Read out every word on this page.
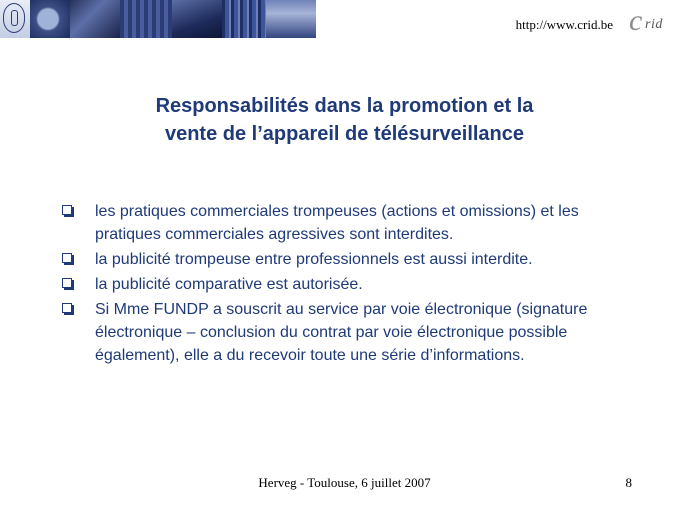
http://www.crid.be c rid
Responsabilités dans la promotion et la
vente de l’appareil de télésurveillance
les pratiques commerciales trompeuses (actions et omissions) et les pratiques commerciales agressives sont interdites.
la publicité trompeuse entre professionnels est aussi interdite.
la publicité comparative est autorisée.
Si Mme FUNDP a souscrit au service par voie électronique (signature électronique – conclusion du contrat par voie électronique possible également), elle a du recevoir toute une série d’informations.
Herveg - Toulouse, 6 juillet 2007	8
